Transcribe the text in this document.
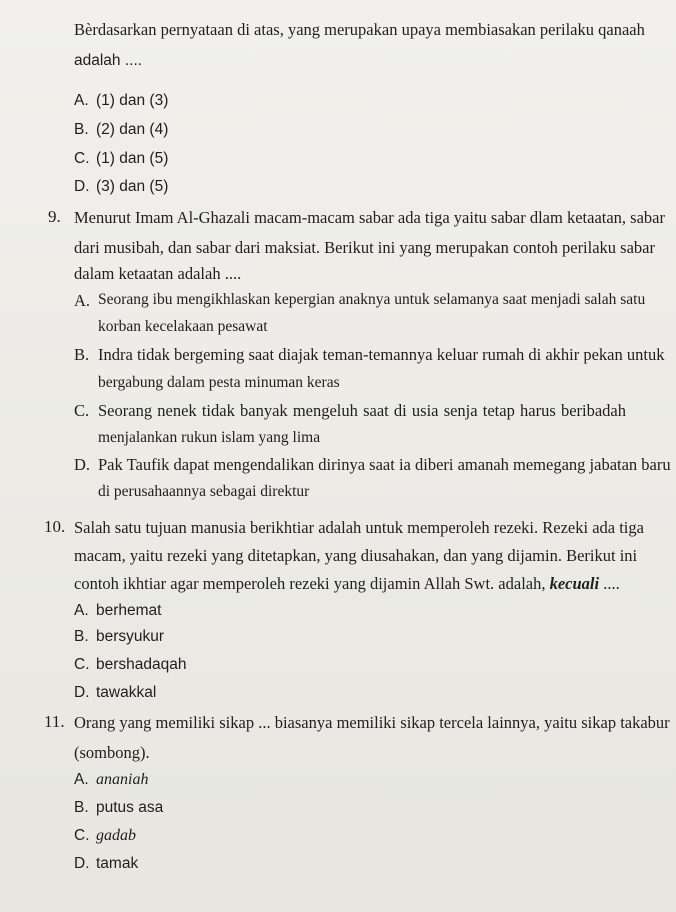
Bèrdasarkan pernyataan di atas, yang merupakan upaya membiasakan perilaku qanaah
adalah ....
A. (1) dan (3)
B. (2) dan (4)
C. (1) dan (5)
D. (3) dan (5)
9. Menurut Imam Al-Ghazali macam-macam sabar ada tiga yaitu sabar dlam ketaatan, sabar
dari musibah, dan sabar dari maksiat. Berikut ini yang merupakan contoh perilaku sabar
dalam ketaatan adalah ....
A. Seorang ibu mengikhlaskan kepergian anaknya untuk selamanya saat menjadi salah satu
korban kecelakaan pesawat
B. Indra tidak bergeming saat diajak teman-temannya keluar rumah di akhir pekan untuk
bergabung dalam pesta minuman keras
C. Seorang nenek tidak banyak mengeluh saat di usia senja tetap harus beribadah
menjalankan rukun islam yang lima
D. Pak Taufik dapat mengendalikan dirinya saat ia diberi amanah memegang jabatan baru
di perusahaannya sebagai direktur
10. Salah satu tujuan manusia berikhtiar adalah untuk memperoleh rezeki. Rezeki ada tiga
macam, yaitu rezeki yang ditetapkan, yang diusahakan, dan yang dijamin. Berikut ini
contoh ikhtiar agar memperoleh rezeki yang dijamin Allah Swt. adalah, kecuali ....
A. berhemat
B. bersyukur
C. bershadaqah
D. tawakkal
11. Orang yang memiliki sikap ... biasanya memiliki sikap tercela lainnya, yaitu sikap takabur
(sombong).
A. ananiah
B. putus asa
C. gadab
D. tamak
